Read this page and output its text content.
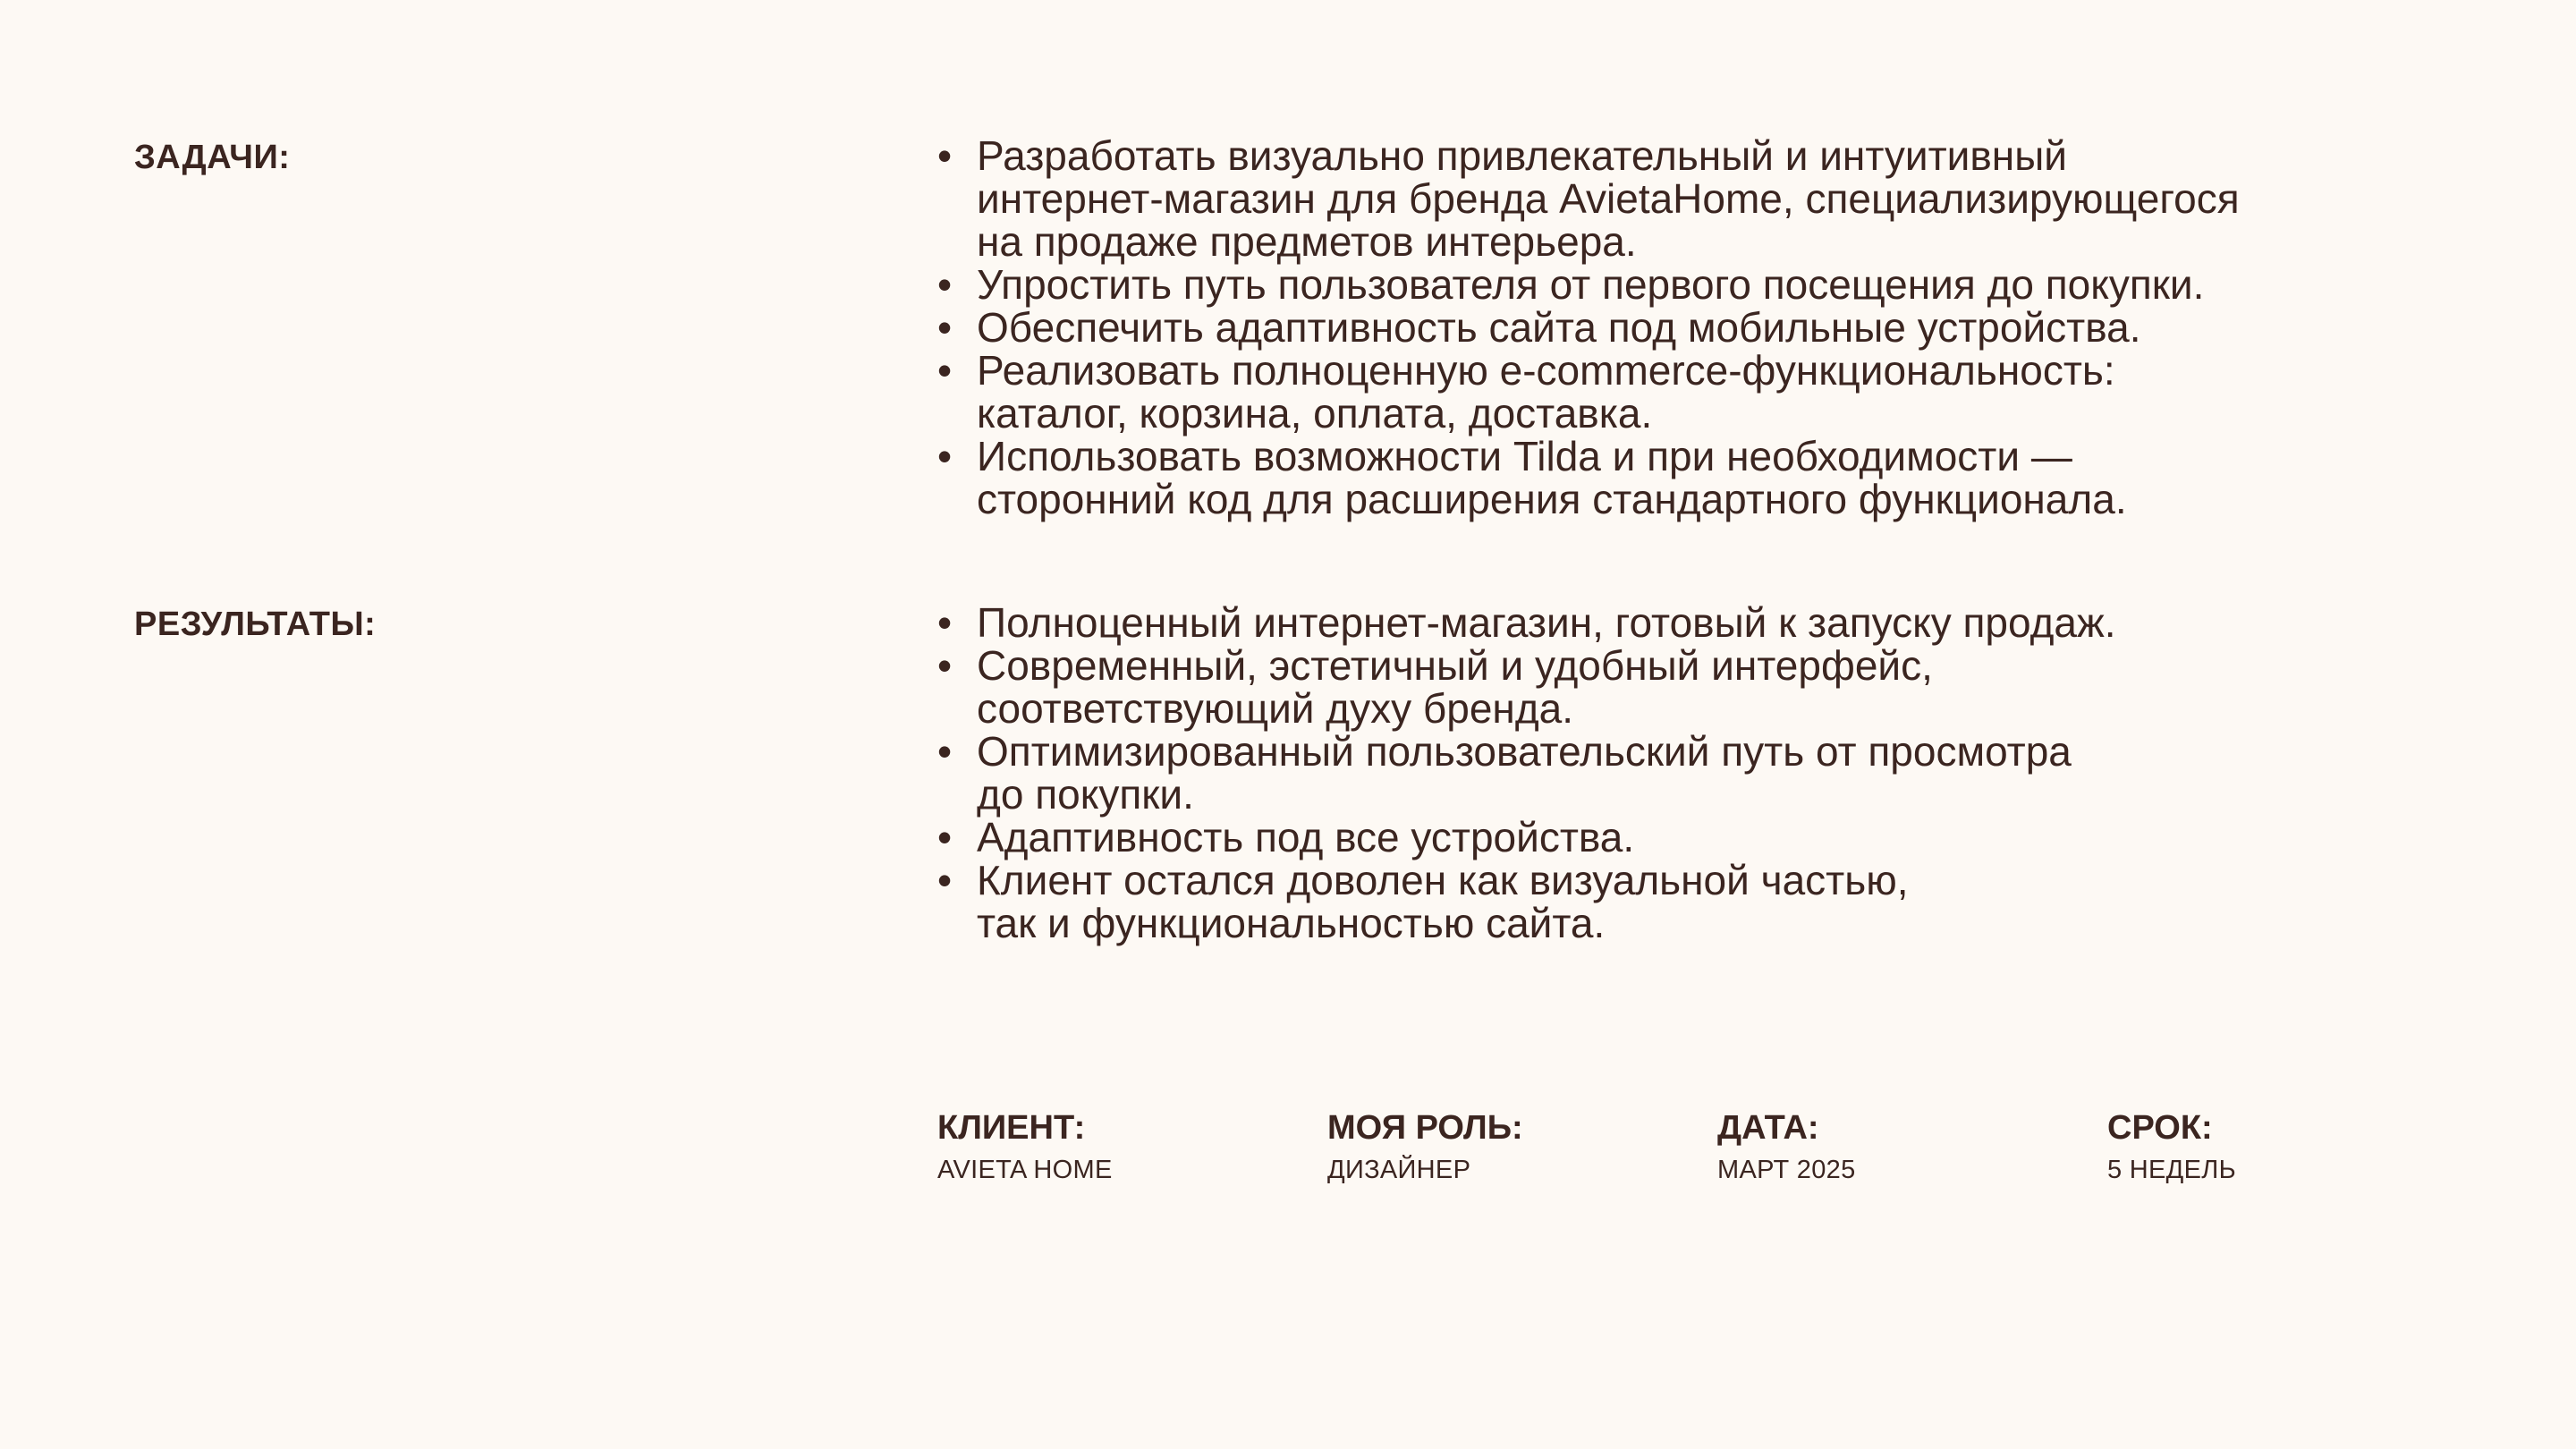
ЗАДАЧИ:	• Разработать визуально привлекательный и интуитивный
интернет-магазин для бренда AvietaHome, специализирующегося
на продаже предметов интерьера.
• Упростить путь пользователя от первого посещения до покупки.
• Обеспечить адаптивность сайта под мобильные устройства.
• Реализовать полноценную e-commerce-функциональность:
каталог, корзина, оплата, доставка.
• Использовать возможности Tilda и при необходимости —
сторонний код для расширения стандартного функционала.
РЕЗУЛЬТАТЫ:	• Полноценный интернет-магазин, готовый к запуску продаж.
• Современный, эстетичный и удобный интерфейс,
соответствующий духу бренда.
• Оптимизированный пользовательский путь от просмотра
до покупки.
• Адаптивность под все устройства.
• Клиент остался доволен как визуальной частью,
так и функциональностью сайта.
КЛИЕНТ:
AVIETA HOME
МОЯ РОЛЬ:
ДИЗАЙНЕР
ДАТА:
МАРТ 2025
СРОК:
5 НЕДЕЛЬ
